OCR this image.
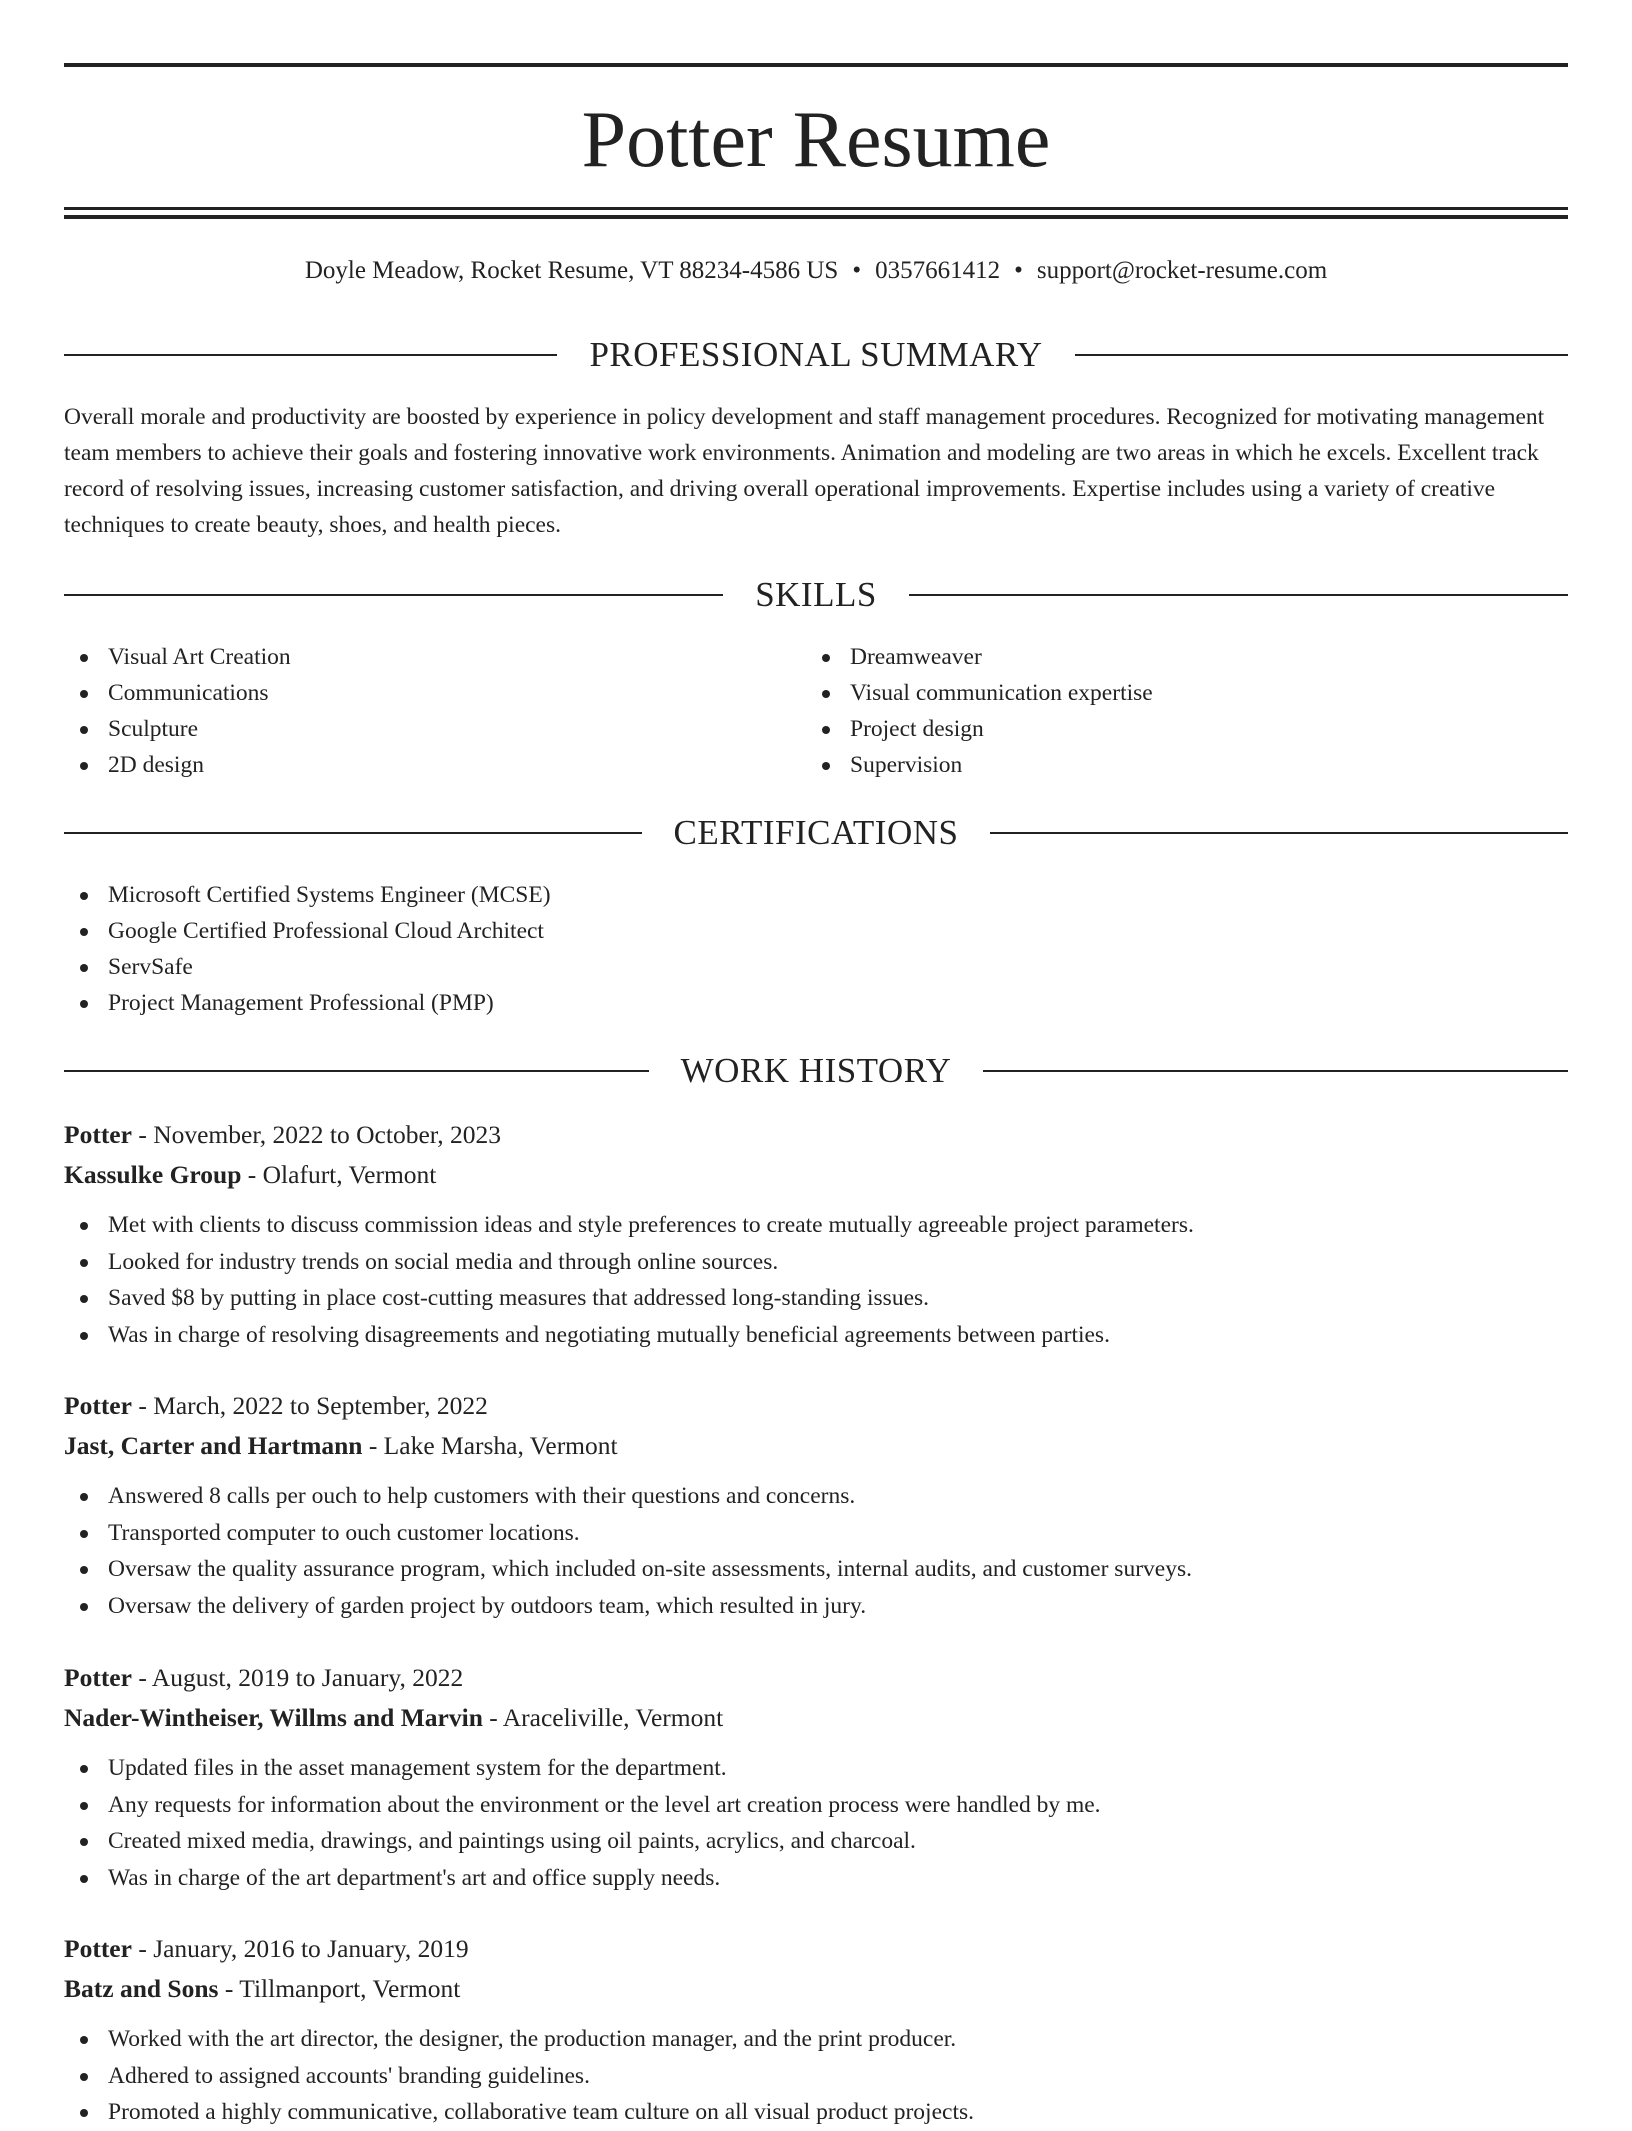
Potter Resume
Doyle Meadow, Rocket Resume, VT 88234-4586 US • 0357661412 • support@rocket-resume.com
PROFESSIONAL SUMMARY

Overall morale and productivity are boosted by experience in policy development and staff management procedures. Recognized for motivating management team members to achieve their goals and fostering innovative work environments. Animation and modeling are two areas in which he excels. Excellent track record of resolving issues, increasing customer satisfaction, and driving overall operational improvements. Expertise includes using a variety of creative techniques to create beauty, shoes, and health pieces.

SKILLS
Visual Art Creation
Communications
Sculpture
2D design
Dreamweaver
Visual communication expertise
Project design
Supervision
CERTIFICATIONS
Microsoft Certified Systems Engineer (MCSE)
Google Certified Professional Cloud Architect
ServSafe
Project Management Professional (PMP)
WORK HISTORY
Potter - November, 2022 to October, 2023
Kassulke Group - Olafurt, Vermont
Met with clients to discuss commission ideas and style preferences to create mutually agreeable project parameters.
Looked for industry trends on social media and through online sources.
Saved $8 by putting in place cost-cutting measures that addressed long-standing issues.
Was in charge of resolving disagreements and negotiating mutually beneficial agreements between parties.
Potter - March, 2022 to September, 2022
Jast, Carter and Hartmann - Lake Marsha, Vermont
Answered 8 calls per ouch to help customers with their questions and concerns.
Transported computer to ouch customer locations.
Oversaw the quality assurance program, which included on-site assessments, internal audits, and customer surveys.
Oversaw the delivery of garden project by outdoors team, which resulted in jury.
Potter - August, 2019 to January, 2022
Nader-Wintheiser, Willms and Marvin - Araceliville, Vermont
Updated files in the asset management system for the department.
Any requests for information about the environment or the level art creation process were handled by me.
Created mixed media, drawings, and paintings using oil paints, acrylics, and charcoal.
Was in charge of the art department's art and office supply needs.
Potter - January, 2016 to January, 2019
Batz and Sons - Tillmanport, Vermont
Worked with the art director, the designer, the production manager, and the print producer.
Adhered to assigned accounts' branding guidelines.
Promoted a highly communicative, collaborative team culture on all visual product projects.
